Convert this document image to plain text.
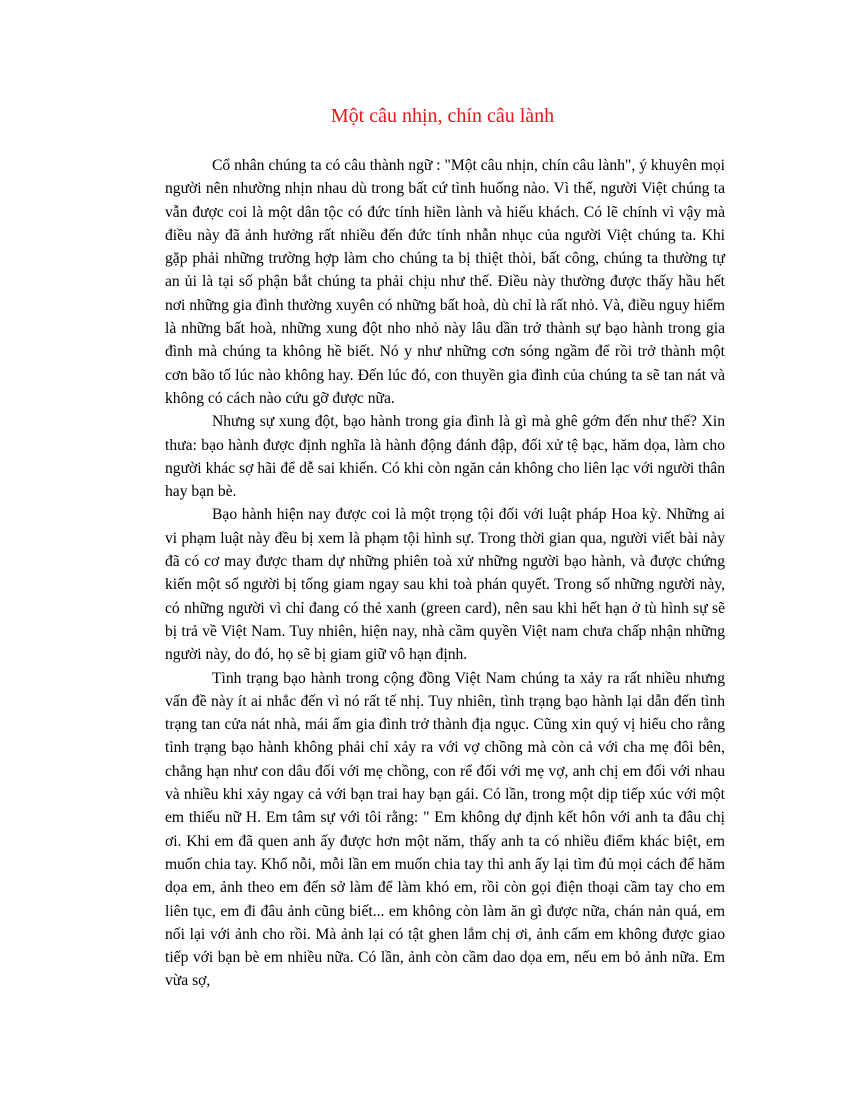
Một câu nhịn, chín câu lành

Cổ nhân chúng ta có câu thành ngữ : "Một câu nhịn, chín câu lành", ý khuyên mọi người nên nhường nhịn nhau dù trong bất cứ tình huống nào. Vì thế, người Việt chúng ta vẫn được coi là một dân tộc có đức tính hiền lành và hiếu khách. Có lẽ chính vì vậy mà điều này đã ảnh hưởng rất nhiều đến đức tính nhẫn nhục của người Việt chúng ta. Khi gặp phải những trường hợp làm cho chúng ta bị thiệt thòi, bất công, chúng ta thường tự an ủi là tại số phận bắt chúng ta phải chịu như thế. Điều này thường được thấy hầu hết nơi những gia đình thường xuyên có những bất hoà, dù chỉ là rất nhỏ. Và, điều nguy hiểm là những bất hoà, những xung đột nho nhỏ này lâu dần trở thành sự bạo hành trong gia đình mà chúng ta không hề biết. Nó y như những cơn sóng ngầm để rồi trở thành một cơn bão tố lúc nào không hay. Đến lúc đó, con thuyền gia đình của chúng ta sẽ tan nát và không có cách nào cứu gỡ được nữa.

Nhưng sự xung đột, bạo hành trong gia đình là gì mà ghê gớm đến như thế? Xin thưa: bạo hành được định nghĩa là hành động đánh đập, đối xử tệ bạc, hăm dọa, làm cho người khác sợ hãi để dễ sai khiến. Có khi còn ngăn cản không cho liên lạc với người thân hay bạn bè.

Bạo hành hiện nay được coi là một trọng tội đối với luật pháp Hoa kỳ. Những ai vi phạm luật này đều bị xem là phạm tội hình sự. Trong thời gian qua, người viết bài này đã có cơ may được tham dự những phiên toà xử những người bạo hành, và được chứng kiến một số người bị tống giam ngay sau khi toà phán quyết. Trong số những người này, có những người vì chỉ đang có thẻ xanh (green card), nên sau khi hết hạn ở tù hình sự sẽ bị trả về Việt Nam. Tuy nhiên, hiện nay, nhà cầm quyền Việt nam chưa chấp nhận những người này, do đó, họ sẽ bị giam giữ vô hạn định.

Tình trạng bạo hành trong cộng đồng Việt Nam chúng ta xảy ra rất nhiều nhưng vấn đề này ít ai nhắc đến vì nó rất tế nhị. Tuy nhiên, tình trạng bạo hành lại dẫn đến tình trạng tan cửa nát nhà, mái ấm gia đình trở thành địa ngục. Cũng xin quý vị hiểu cho rằng tình trạng bạo hành không phải chỉ xảy ra với vợ chồng mà còn cả với cha mẹ đôi bên, chẳng hạn như con dâu đối với mẹ chồng, con rể đối với mẹ vợ, anh chị em đối với nhau và nhiều khi xảy ngay cả với bạn trai hay bạn gái. Có lần, trong một dịp tiếp xúc với một em thiếu nữ H. Em tâm sự với tôi rằng: " Em không dự định kết hôn với anh ta đâu chị ơi. Khi em đã quen anh ấy được hơn một năm, thấy anh ta có nhiều điểm khác biệt, em muốn chia tay. Khổ nỗi, mỗi lần em muốn chia tay thì anh ấy lại tìm đủ mọi cách để hăm dọa em, ảnh theo em đến sở làm để làm khó em, rồi còn gọi điện thoại cầm tay cho em liên tục, em đi đâu ảnh cũng biết... em không còn làm ăn gì được nữa, chán nản quá, em nối lại với ảnh cho rồi. Mà ảnh lại có tật ghen lắm chị ơi, ảnh cấm em không được giao tiếp với bạn bè em nhiều nữa. Có lần, ảnh còn cầm dao dọa em, nếu em bỏ ảnh nữa. Em vừa sợ,
